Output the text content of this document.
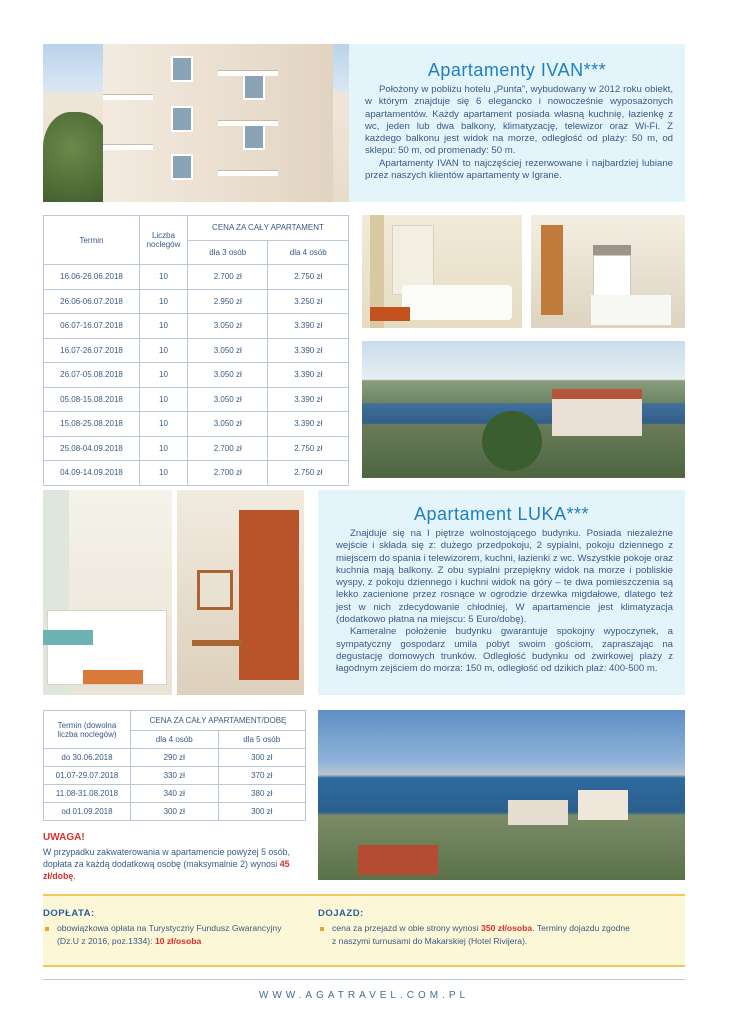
Apartamenty IVAN***

Położony w pobliżu hotelu „Punta”, wybudowany w 2012 roku obiekt, w którym znajduje się 6 elegancko i nowocześnie wyposażonych apartamentów. Każdy apartament posiada własną kuchnię, łazienkę z wc, jeden lub dwa balkony, klimatyzację, telewizor oraz Wi-Fi. Z każdego balkonu jest widok na morze, odległość od plaży: 50 m, od sklepu: 50 m, od promenady: 50 m.

Apartamenty IVAN to najczęściej rezerwowane i najbardziej lubiane przez naszych klientów apartamenty w Igrane.

Termin	Liczba noclegów	CENA ZA CAŁY APARTAMENT	
		dla 3 osób	dla 4 osób
16.06-26.06.2018	10	2.700 zł	2.750 zł
26.06-06.07.2018	10	2.950 zł	3.250 zł
06.07-16.07.2018	10	3.050 zł	3.390 zł
16.07-26.07.2018	10	3.050 zł	3.390 zł
26.07-05.08.2018	10	3.050 zł	3.390 zł
05.08-15.08.2018	10	3.050 zł	3.390 zł
15.08-25.08.2018	10	3.050 zł	3.390 zł
25.08-04.09.2018	10	2.700 zł	2.750 zł
04.09-14.09.2018	10	2.700 zł	2.750 zł
Apartament LUKA***

Znajduje się na I piętrze wolnostojącego budynku. Posiada niezależne wejście i składa się z: dużego przedpokoju, 2 sypialni, pokoju dziennego z miejscem do spania i telewizorem, kuchni, łazienki z wc. Wszystkie pokoje oraz kuchnia mają balkony. Z obu sypialni przepiękny widok na morze i pobliskie wyspy, z pokoju dziennego i kuchni widok na góry – te dwa pomieszczenia są lekko zacienione przez rosnące w ogrodzie drzewka migdałowe, dlatego też jest w nich zdecydowanie chłodniej. W apartamencie jest klimatyzacja (dodatkowo płatna na miejscu: 5 Euro/dobę).

Kameralne położenie budynku gwarantuje spokojny wypoczynek, a sympatyczny gospodarz umila pobyt swoim gościom, zapraszając na degustację domowych trunków. Odległość budynku od żwirkowej plaży z łagodnym zejściem do morza: 150 m, odległość od dzikich plaż: 400-500 m.

Termin (dowolna liczba noclegów)	CENA ZA CAŁY APARTAMENT/DOBĘ	
	dla 4 osób	dla 5 osób
do 30.06.2018	290 zł	300 zł
01.07-29.07.2018	330 zł	370 zł
11.08-31.08.2018	340 zł	380 zł
od 01.09.2018	300 zł	300 zł
UWAGA!
W przypadku zakwaterowania w apartamencie powyżej 5 osób, dopłata za każdą dodatkową osobę (maksymalnie 2) wynosi 45 zł/dobę.
DOPŁATA:
obowiązkowa opłata na Turystyczny Fundusz Gwarancyjny
(Dz.U z 2016, poz.1334): 10 zł/osoba
DOJAZD:
cena za przejazd w obie strony wynosi 350 zł/osoba. Terminy dojazdu zgodne
z naszymi turnusami do Makarskiej (Hotel Rivijera).
WWW.AGATRAVEL.COM.PL
